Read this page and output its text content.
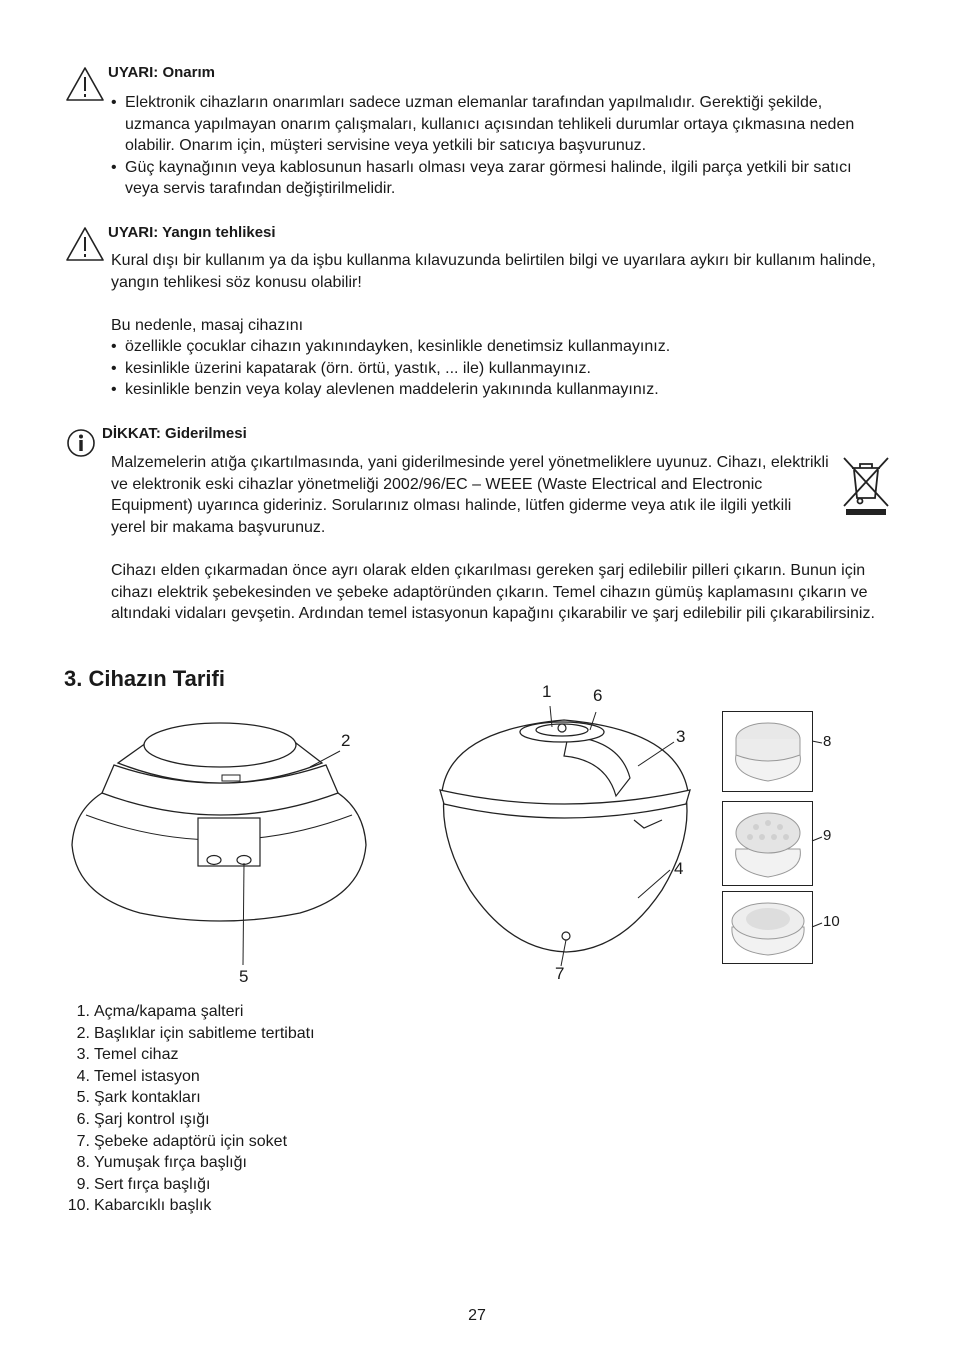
UYARI: Onarım
• Elektronik cihazların onarımları sadece uzman elemanlar tarafından yapılmalıdır. Gerektiği şekilde, uzmanca yapılmayan onarım çalışmaları, kullanıcı açısından tehlikeli durumlar ortaya çıkmasına neden olabilir. Onarım için, müşteri servisine veya yetkili bir satıcıya başvurunuz.
• Güç kaynağının veya kablosunun hasarlı olması veya zarar görmesi halinde, ilgili parça yetkili bir satıcı veya servis tarafından değiştirilmelidir.
UYARI: Yangın tehlikesi
Kural dışı bir kullanım ya da işbu kullanma kılavuzunda belirtilen bilgi ve uyarılara aykırı bir kullanım halinde, yangın tehlikesi söz konusu olabilir!
Bu nedenle, masaj cihazını
• özellikle çocuklar cihazın yakınındayken, kesinlikle denetimsiz kullanmayınız.
• kesinlikle üzerini kapatarak (örn. örtü, yastık, ... ile) kullanmayınız.
• kesinlikle benzin veya kolay alevlenen maddelerin yakınında kullanmayınız.
DİKKAT: Giderilmesi
Malzemelerin atığa çıkartılmasında, yani giderilmesinde yerel yönetmeliklere uyunuz. Cihazı, elektrikli ve elektronik eski cihazlar yönetmeliği 2002/96/EC – WEEE (Waste Electrical and Electronic Equipment) uyarınca gideriniz. Sorularınız olması halinde, lütfen giderme veya atık ile ilgili yetkili yerel bir makama başvurunuz.
Cihazı elden çıkarmadan önce ayrı olarak elden çıkarılması gereken şarj edilebilir pilleri çıkarın. Bunun için cihazı elektrik şebekesinden ve şebeke adaptöründen çıkarın. Temel cihazın gümüş kaplamasını çıkarın ve altındaki vidaları gevşetin. Ardından temel istasyonun kapağını çıkarabilir ve şarj edilebilir pili çıkarabilirsiniz.
3. Cihazın Tarifi
2
5
1 6
3
4
7
8
9
10
1. Açma/kapama şalteri
2. Başlıklar için sabitleme tertibatı
3. Temel cihaz
4. Temel istasyon
5. Şark kontakları
6. Şarj kontrol ışığı
7. Şebeke adaptörü için soket
8. Yumuşak fırça başlığı
9. Sert fırça başlığı
10. Kabarcıklı başlık
27
